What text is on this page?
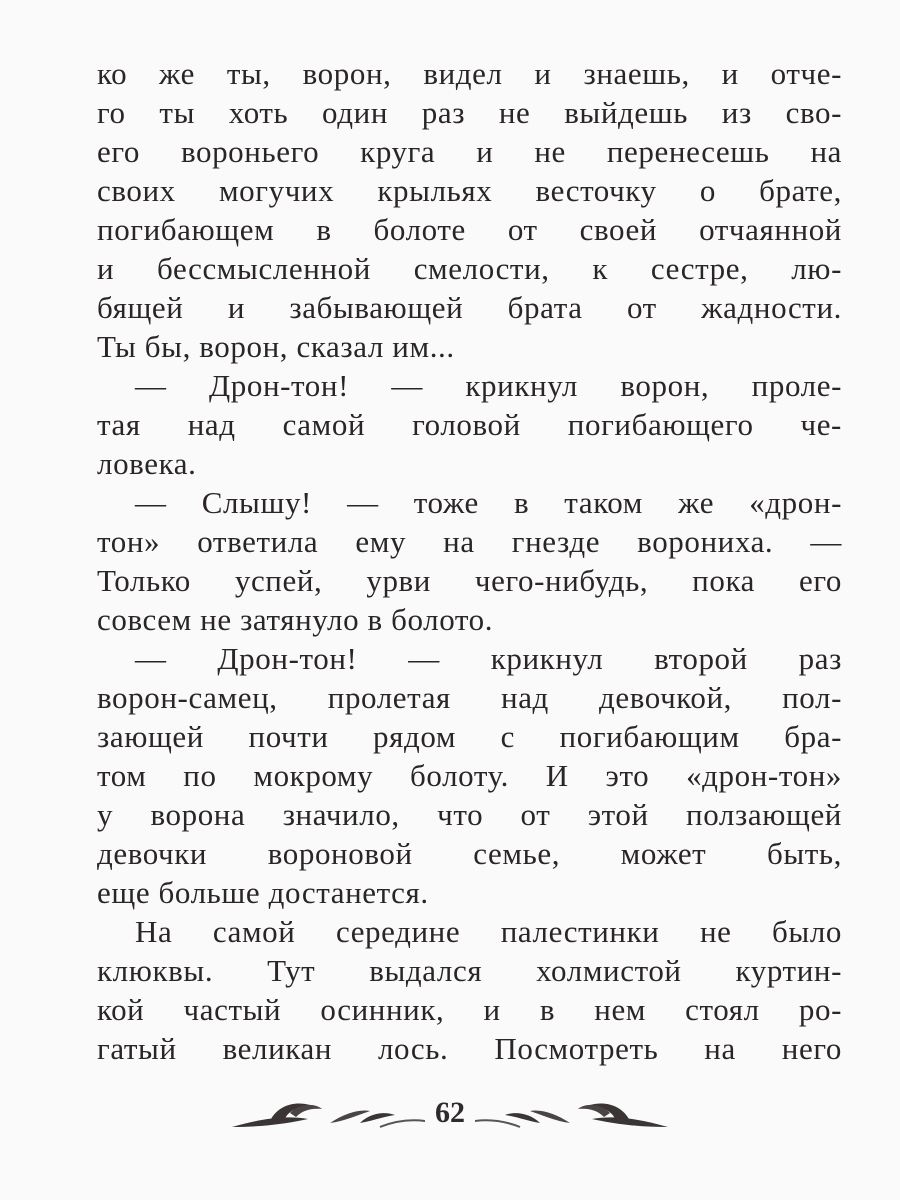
ко же ты, ворон, видел и знаешь, и отче-
го ты хоть один раз не выйдешь из сво-
его вороньего круга и не перенесешь на
своих могучих крыльях весточку о брате,
погибающем в болоте от своей отчаянной
и бессмысленной смелости, к сестре, лю-
бящей и забывающей брата от жадности.
Ты бы, ворон, сказал им...
— Дрон-тон! — крикнул ворон, проле-
тая над самой головой погибающего че-
ловека.
— Слышу! — тоже в таком же «дрон-
тон» ответила ему на гнезде ворониха. —
Только успей, урви чего-нибудь, пока его
совсем не затянуло в болото.
— Дрон-тон! — крикнул второй раз
ворон-самец, пролетая над девочкой, пол-
зающей почти рядом с погибающим бра-
том по мокрому болоту. И это «дрон-тон»
у ворона значило, что от этой ползающей
девочки вороновой семье, может быть,
еще больше достанется.
На самой середине палестинки не было
клюквы. Тут выдался холмистой куртин-
кой частый осинник, и в нем стоял ро-
гатый великан лось. Посмотреть на него
62
